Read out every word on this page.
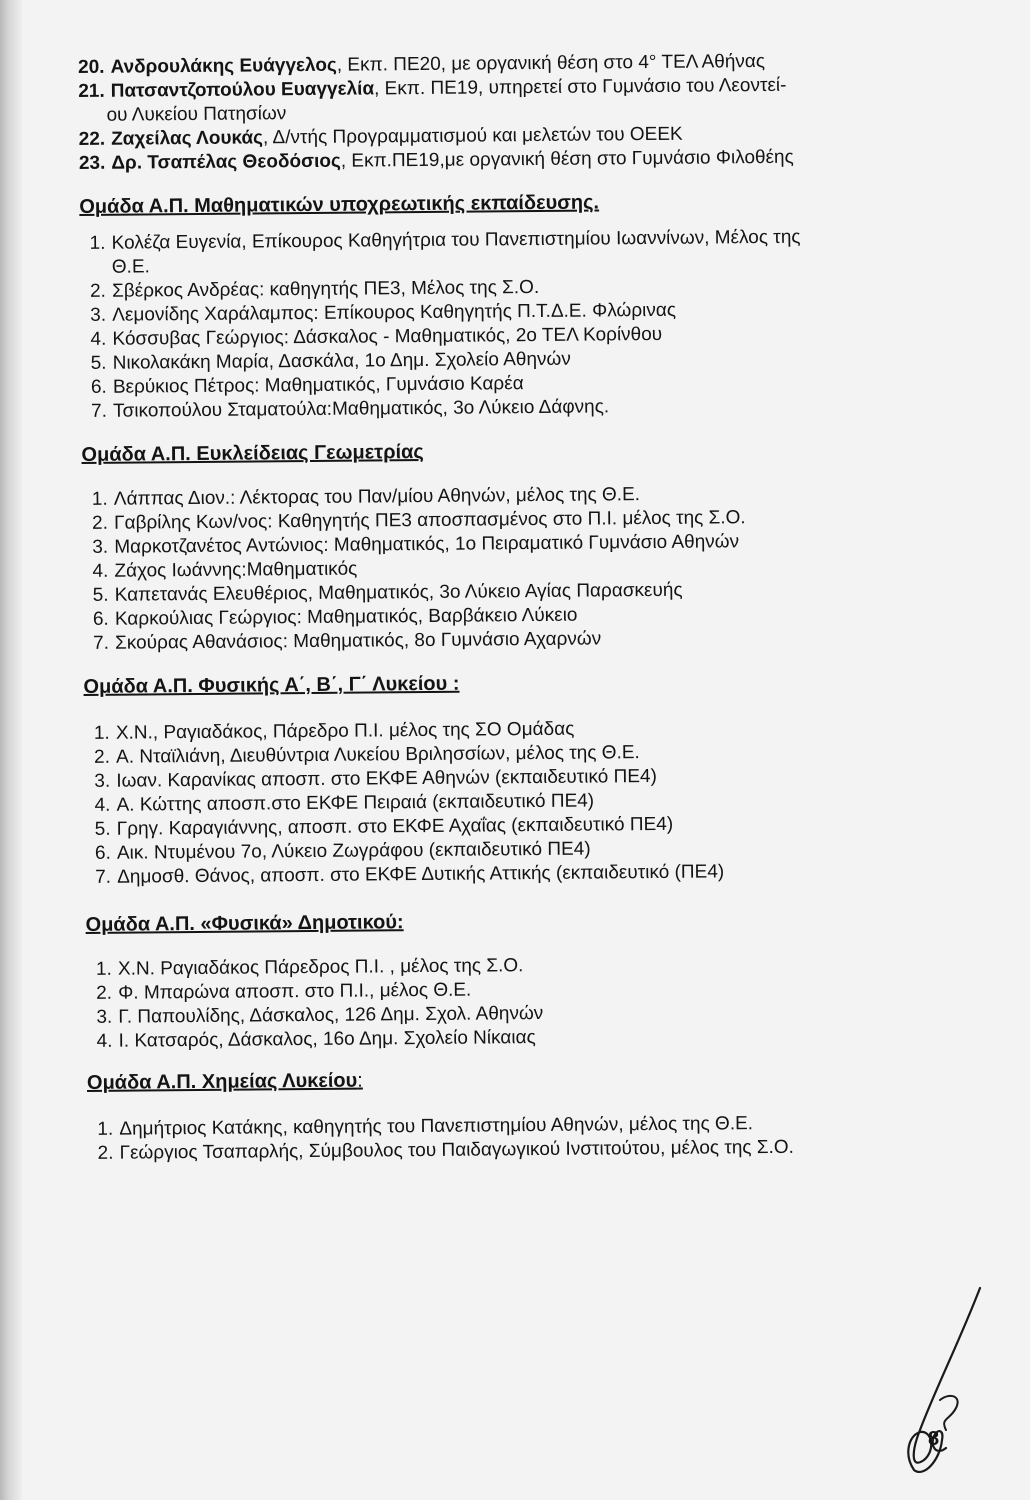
20. Ανδρουλάκης Ευάγγελος, Εκπ. ΠΕ20, με οργανική θέση στο 4° ΤΕΛ Αθήνας
21. Πατσαντζοπούλου Ευαγγελία, Εκπ. ΠΕ19, υπηρετεί στο Γυμνάσιο του Λεοντεί-
ου Λυκείου Πατησίων
22. Ζαχείλας Λουκάς, Δ/ντής Προγραμματισμού και μελετών του ΟΕΕΚ
23. Δρ. Τσαπέλας Θεοδόσιος, Εκπ.ΠΕ19,με οργανική θέση στο Γυμνάσιο Φιλοθέης
Ομάδα Α.Π. Μαθηματικών υποχρεωτικής εκπαίδευσης.
1. Κολέζα Ευγενία, Επίκουρος Καθηγήτρια του Πανεπιστημίου Ιωαννίνων, Μέλος της
Θ.Ε.
2. Σβέρκος Ανδρέας: καθηγητής ΠΕ3, Μέλος της Σ.Ο.
3. Λεμονίδης Χαράλαμπος: Επίκουρος Καθηγητής Π.Τ.Δ.Ε. Φλώρινας
4. Κόσσυβας Γεώργιος: Δάσκαλος - Μαθηματικός, 2ο ΤΕΛ Κορίνθου
5. Νικολακάκη Μαρία, Δασκάλα, 1ο Δημ. Σχολείο Αθηνών
6. Βερύκιος Πέτρος: Μαθηματικός, Γυμνάσιο Καρέα
7. Τσικοπούλου Σταματούλα:Μαθηματικός, 3ο Λύκειο Δάφνης.
Ομάδα Α.Π. Ευκλείδειας Γεωμετρίας
1. Λάππας Διον.: Λέκτορας του Παν/μίου Αθηνών, μέλος της Θ.Ε.
2. Γαβρίλης Κων/νος: Καθηγητής ΠΕ3 αποσπασμένος στο Π.Ι. μέλος της Σ.Ο.
3. Μαρκοτζανέτος Αντώνιος: Μαθηματικός, 1ο Πειραματικό Γυμνάσιο Αθηνών
4. Ζάχος Ιωάννης:Μαθηματικός
5. Καπετανάς Ελευθέριος, Μαθηματικός, 3ο Λύκειο Αγίας Παρασκευής
6. Καρκούλιας Γεώργιος: Μαθηματικός, Βαρβάκειο Λύκειο
7. Σκούρας Αθανάσιος: Μαθηματικός, 8ο Γυμνάσιο Αχαρνών
Ομάδα Α.Π. Φυσικής Α΄, Β΄, Γ΄ Λυκείου :
1. Χ.Ν., Ραγιαδάκος, Πάρεδρο Π.Ι. μέλος της ΣΟ Ομάδας
2. Α. Νταϊλιάνη, Διευθύντρια Λυκείου Βριλησσίων, μέλος της Θ.Ε.
3. Ιωαν. Καρανίκας αποσπ. στο ΕΚΦΕ Αθηνών (εκπαιδευτικό ΠΕ4)
4. Α. Κώττης αποσπ.στο ΕΚΦΕ Πειραιά (εκπαιδευτικό ΠΕ4)
5. Γρηγ. Καραγιάννης, αποσπ. στο ΕΚΦΕ Αχαΐας (εκπαιδευτικό ΠΕ4)
6. Αικ. Ντυμένου 7ο, Λύκειο Ζωγράφου (εκπαιδευτικό ΠΕ4)
7. Δημοσθ. Θάνος, αποσπ. στο ΕΚΦΕ Δυτικής Αττικής (εκπαιδευτικό (ΠΕ4)
Ομάδα Α.Π. «Φυσικά» Δημοτικού:
1. Χ.Ν. Ραγιαδάκος Πάρεδρος Π.Ι. , μέλος της Σ.Ο.
2. Φ. Μπαρώνα αποσπ. στο Π.Ι., μέλος Θ.Ε.
3. Γ. Παπουλίδης, Δάσκαλος, 126 Δημ. Σχολ. Αθηνών
4. Ι. Κατσαρός, Δάσκαλος, 16ο Δημ. Σχολείο Νίκαιας
Ομάδα Α.Π. Χημείας Λυκείου:
1. Δημήτριος Κατάκης, καθηγητής του Πανεπιστημίου Αθηνών, μέλος της Θ.Ε.
2. Γεώργιος Τσαπαρλής, Σύμβουλος του Παιδαγωγικού Ινστιτούτου, μέλος της Σ.Ο.
8
